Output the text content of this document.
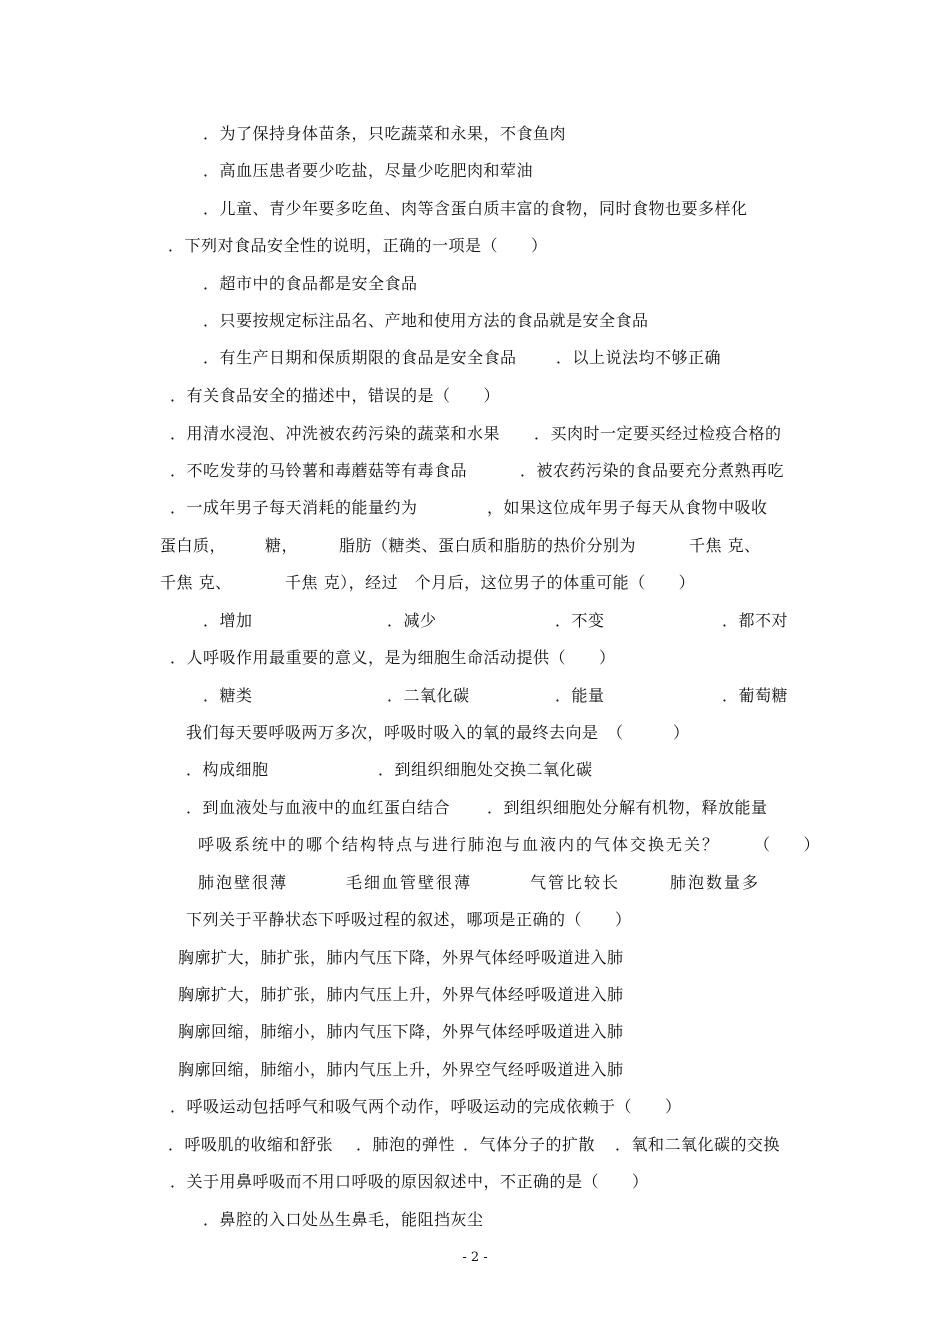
．为了保持身体苗条，只吃蔬菜和永果，不食鱼肉
．高血压患者要少吃盐，尽量少吃肥肉和荤油
．儿童、青少年要多吃鱼、肉等含蛋白质丰富的食物，同时食物也要多样化
．下列对食品安全性的说明，正确的一项是（　　）
．超市中的食品都是安全食品
．只要按规定标注品名、产地和使用方法的食品就是安全食品
．有生产日期和保质期限的食品是安全食品 ．以上说法均不够正确
．有关食品安全的描述中，错误的是（　　）
．用清水浸泡、冲洗被农药污染的蔬菜和水果 ．买肉时一定要买经过检疫合格的
．不吃发芽的马铃薯和毒蘑菇等有毒食品	．被农药污染的食品要充分煮熟再吃
．一成年男子每天消耗的能量约为	，如果这位成年男子每天从食物中吸收
蛋白质， 糖，	脂肪（糖类、蛋白质和脂肪的热价分别为	千焦 克、
千焦 克、	千焦 克），经过　个月后，这位男子的体重可能（　　）
．增加	．减少	．不变	．都不对
．人呼吸作用最重要的意义，是为细胞生命活动提供（　　）
．糖类	．二氧化碳	．能量	．葡萄糖
我们每天要呼吸两万多次，呼吸时吸入的氧的最终去向是　（　　　）
．构成细胞	．到组织细胞处交换二氧化碳
．到血液处与血液中的血红蛋白结合 ．到组织细胞处分解有机物，释放能量
呼吸系统中的哪个结构特点与进行肺泡与血液内的气体交换无关？ （　　）
肺泡壁很薄	毛细血管壁很薄	气管比较长	肺泡数量多
下列关于平静状态下呼吸过程的叙述，哪项是正确的（　　）
胸廓扩大，肺扩张，肺内气压下降，外界气体经呼吸道进入肺
胸廓扩大，肺扩张，肺内气压上升，外界气体经呼吸道进入肺
胸廓回缩，肺缩小，肺内气压下降，外界气体经呼吸道进入肺
胸廓回缩，肺缩小，肺内气压上升，外界空气经呼吸道进入肺
．呼吸运动包括呼气和吸气两个动作，呼吸运动的完成依赖于（　　）
．呼吸肌的收缩和舒张 ．肺泡的弹性 ．气体分子的扩散 ．氧和二氧化碳的交换
．关于用鼻呼吸而不用口呼吸的原因叙述中，不正确的是（　　）
．鼻腔的入口处丛生鼻毛，能阻挡灰尘
- 2 -
